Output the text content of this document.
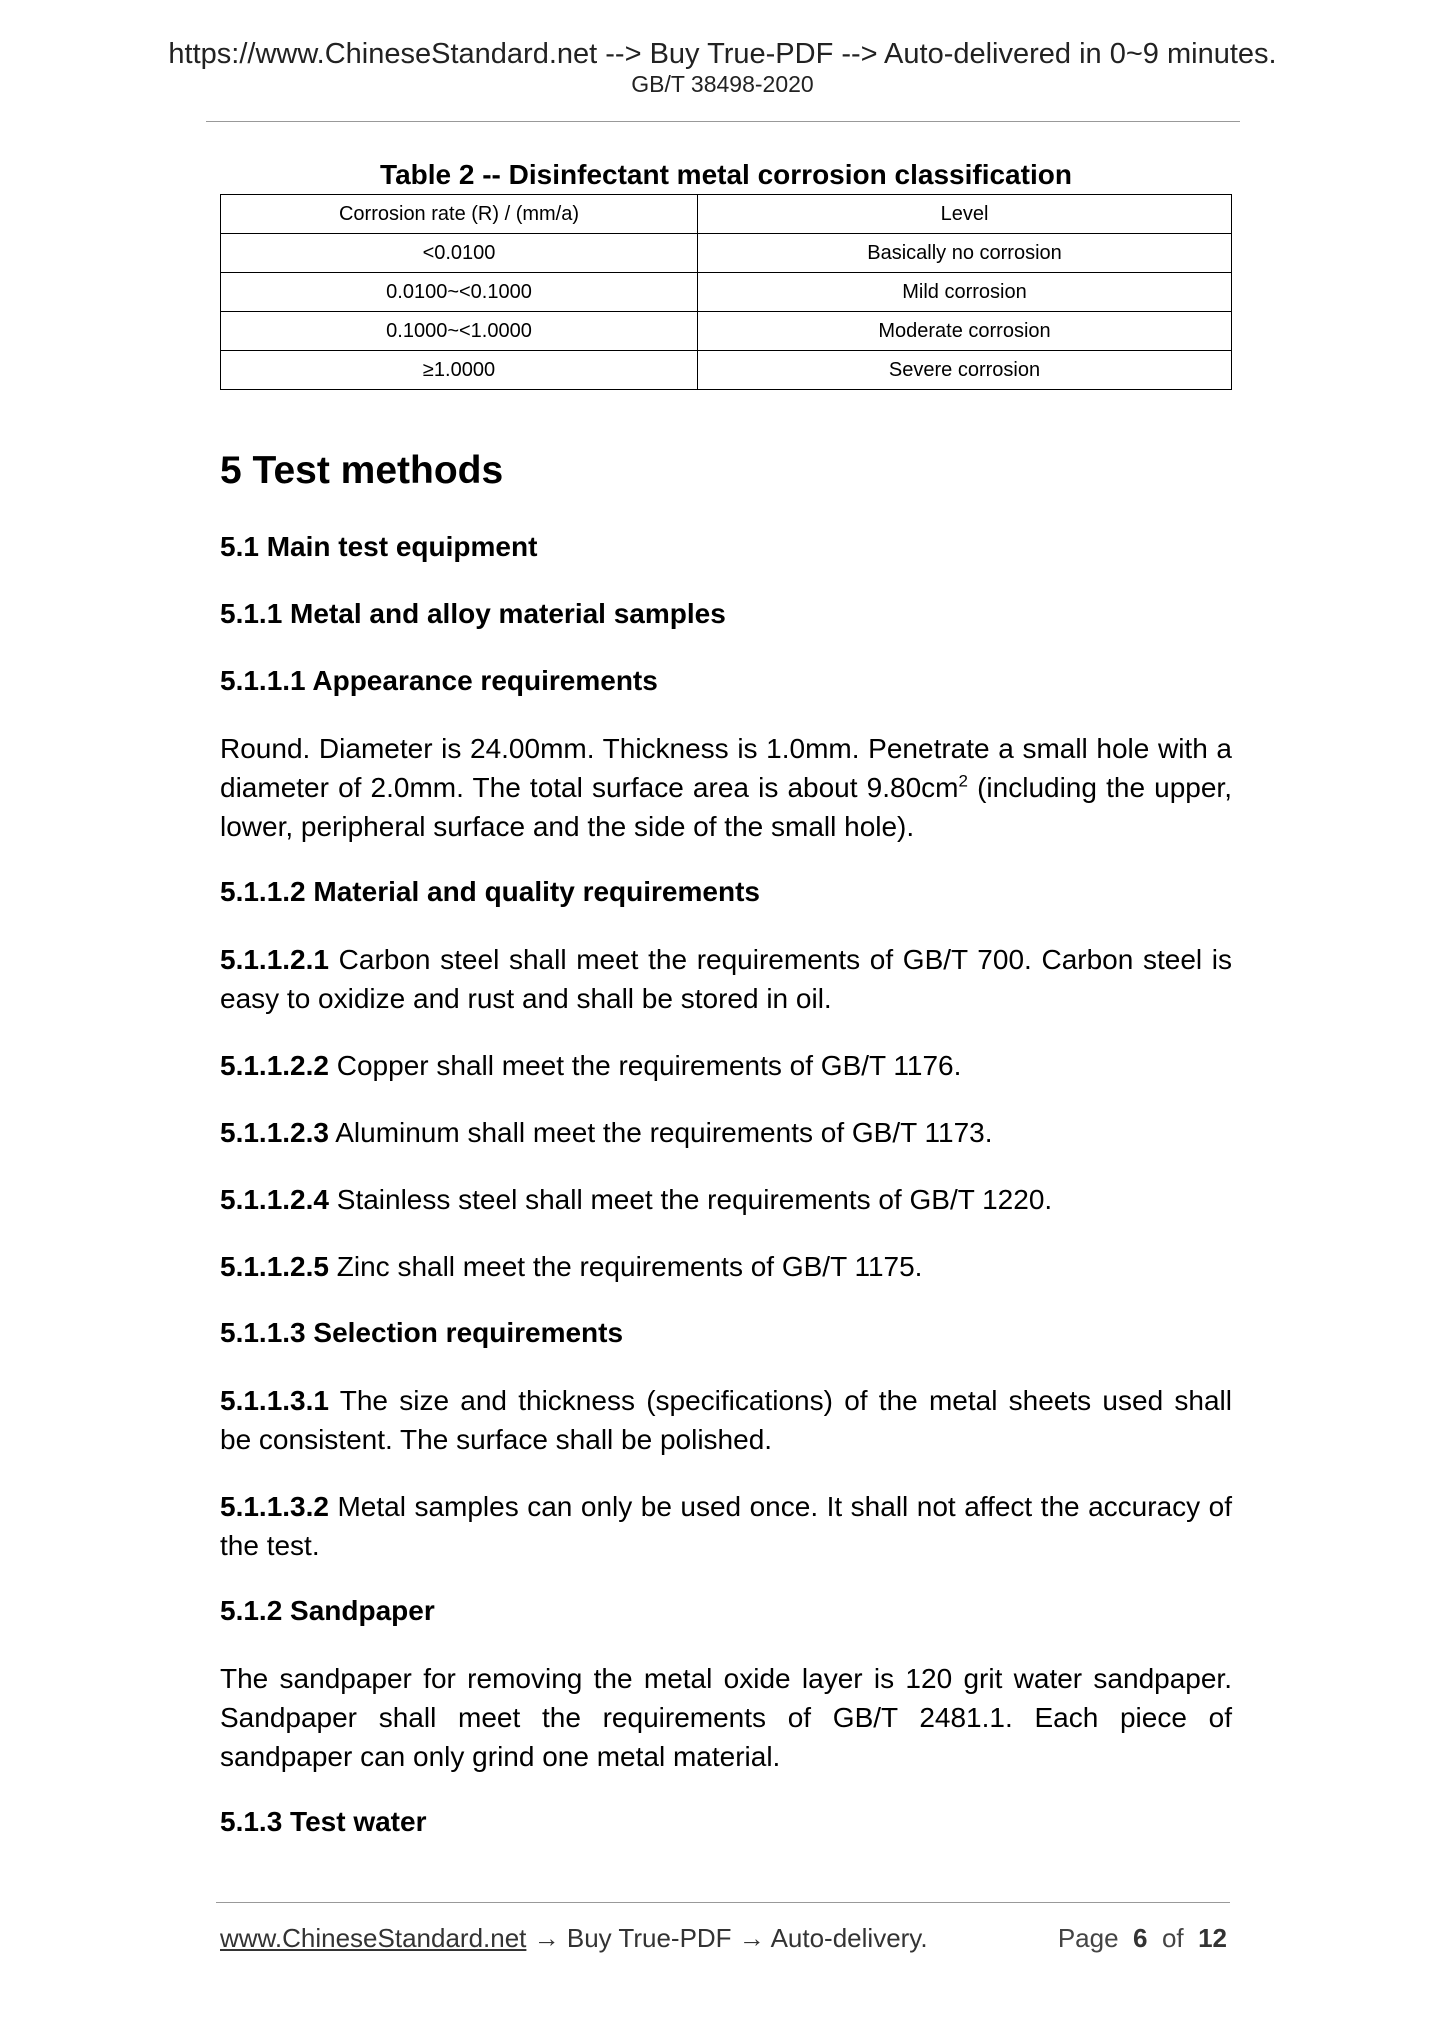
https://www.ChineseStandard.net --> Buy True-PDF --> Auto-delivered in 0~9 minutes.
GB/T 38498-2020
Table 2 -- Disinfectant metal corrosion classification
Corrosion rate (R) / (mm/a)	Level
<0.0100	Basically no corrosion
0.0100~<0.1000	Mild corrosion
0.1000~<1.0000	Moderate corrosion
≥1.0000	Severe corrosion
5 Test methods
5.1 Main test equipment
5.1.1 Metal and alloy material samples
5.1.1.1 Appearance requirements
Round. Diameter is 24.00mm. Thickness is 1.0mm. Penetrate a small hole with a diameter of 2.0mm. The total surface area is about $9.80cm^2$ (including the upper, lower, peripheral surface and the side of the small hole).
5.1.1.2 Material and quality requirements
5.1.1.2.1 Carbon steel shall meet the requirements of GB/T 700. Carbon steel is easy to oxidize and rust and shall be stored in oil.
5.1.1.2.2 Copper shall meet the requirements of GB/T 1176.
5.1.1.2.3 Aluminum shall meet the requirements of GB/T 1173.
5.1.1.2.4 Stainless steel shall meet the requirements of GB/T 1220.
5.1.1.2.5 Zinc shall meet the requirements of GB/T 1175.
5.1.1.3 Selection requirements
5.1.1.3.1 The size and thickness (specifications) of the metal sheets used shall be consistent. The surface shall be polished.
5.1.1.3.2 Metal samples can only be used once. It shall not affect the accuracy of the test.
5.1.2 Sandpaper
The sandpaper for removing the metal oxide layer is 120 grit water sandpaper. Sandpaper shall meet the requirements of GB/T 2481.1. Each piece of sandpaper can only grind one metal material.
5.1.3 Test water
www.ChineseStandard.net → Buy True-PDF → Auto-delivery.	Page 6 of 12
